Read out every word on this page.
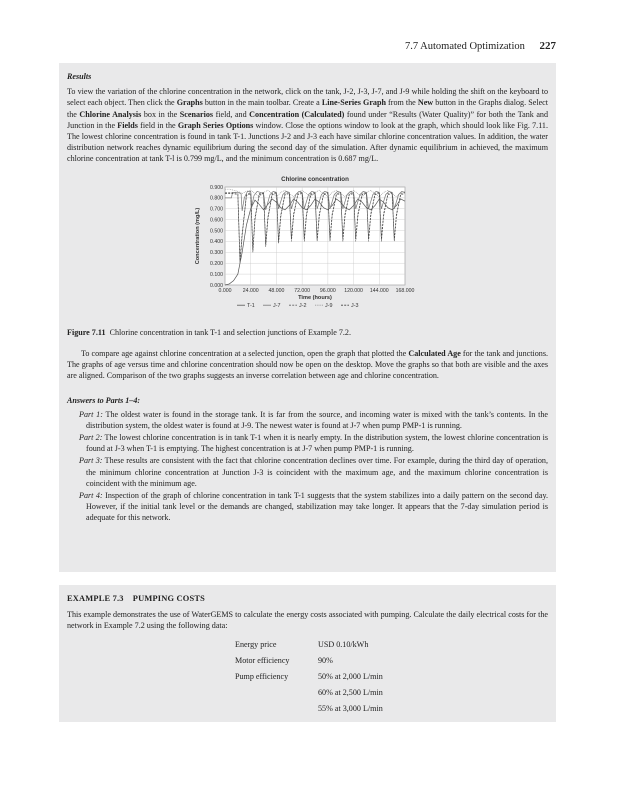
7.7 Automated Optimization 227

Results

To view the variation of the chlorine concentration in the network, click on the tank, J-2, J-3, J-7, and J-9 while holding the shift on the keyboard to select each object. Then click the Graphs button in the main toolbar. Create a Line-Series Graph from the New button in the Graphs dialog. Select the Chlorine Analysis box in the Scenarios field, and Concentration (Calculated) found under “Results (Water Quality)” for both the Tank and Junction in the Fields field in the Graph Series Options window. Close the options window to look at the graph, which should look like Fig. 7.11. The lowest chlorine concentration is found in tank T-1. Junctions J-2 and J-3 each have similar chlorine concentration values. In addition, the water distribution network reaches dynamic equilibrium during the second day of the simulation. After dynamic equilibrium in achieved, the maximum chlorine concentration at tank T-l is 0.799 mg/L, and the minimum concentration is 0.687 mg/L.

Chlorine concentration
0.000 24.000 48.000 72.000 96.000 120.000 144.000 168.000
0.000
0.100
0.200
0.300
0.400
0.500
0.600
0.700
0.800
0.900
Time (hours)
Concentration (mg/L)
T-1	J-7	J-2	J-9	J-3

Figure 7.11 Chlorine concentration in tank T-1 and selection junctions of Example 7.2.

To compare age against chlorine concentration at a selected junction, open the graph that plotted the Calculated Age for the tank and junctions. The graphs of age versus time and chlorine concentration should now be open on the desktop. Move the graphs so that both are visible and the axes are aligned. Comparison of the two graphs suggests an inverse correlation between age and chlorine concentration.

Answers to Parts 1–4:

Part 1: The oldest water is found in the storage tank. It is far from the source, and incoming water is mixed with the tank’s contents. In the distribution system, the oldest water is found at J-9. The newest water is found at J-7 when pump PMP-1 is running.

Part 2: The lowest chlorine concentration is in tank T-1 when it is nearly empty. In the distribution system, the lowest chlorine concentration is found at J-3 when T-1 is emptying. The highest concentration is at J-7 when pump PMP-1 is running.

Part 3: These results are consistent with the fact that chlorine concentration declines over time. For example, during the third day of operation, the minimum chlorine concentration at Junction J-3 is coincident with the maximum age, and the maximum chlorine concentration is coincident with the minimum age.

Part 4: Inspection of the graph of chlorine concentration in tank T-1 suggests that the system stabilizes into a daily pattern on the second day. However, if the initial tank level or the demands are changed, stabilization may take longer. It appears that the 7-day simulation period is adequate for this network.

EXAMPLE 7.3    PUMPING COSTS

This example demonstrates the use of WaterGEMS to calculate the energy costs associated with pumping. Calculate the daily electrical costs for the network in Example 7.2 using the following data:

Energy price	USD 0.10/kWh
Motor efficiency	90%
Pump efficiency	50% at 2,000 L/min
	60% at 2,500 L/min
	55% at 3,000 L/min
